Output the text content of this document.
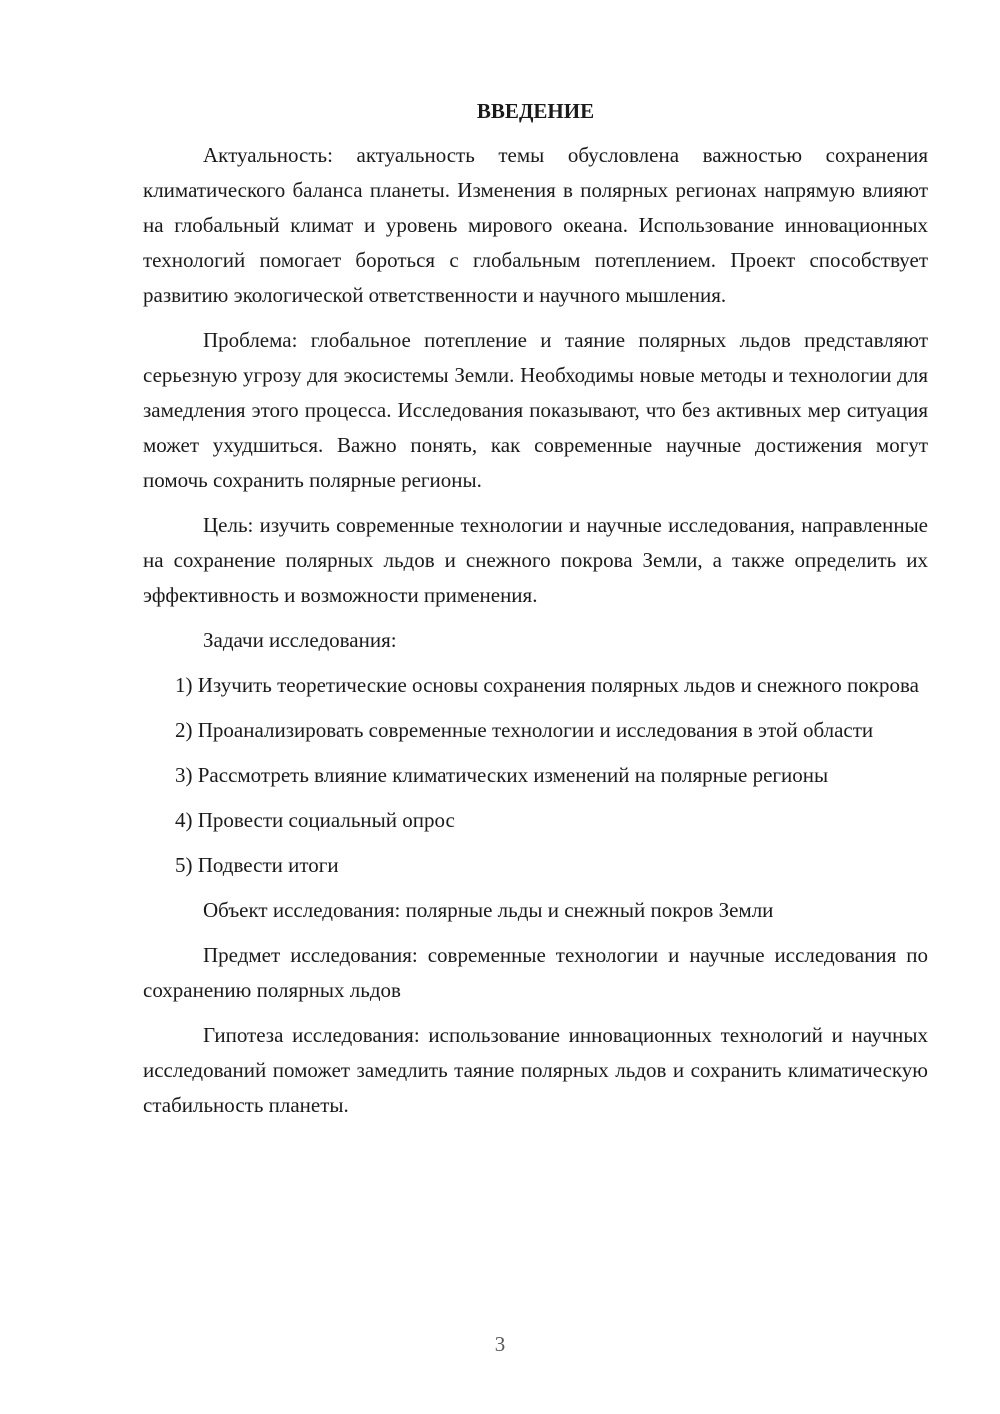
ВВЕДЕНИЕ

Актуальность: актуальность темы обусловлена важностью сохранения климатического баланса планеты. Изменения в полярных регионах напрямую влияют на глобальный климат и уровень мирового океана. Использование инновационных технологий помогает бороться с глобальным потеплением. Проект способствует развитию экологической ответственности и научного мышления.

Проблема: глобальное потепление и таяние полярных льдов представляют серьезную угрозу для экосистемы Земли. Необходимы новые методы и технологии для замедления этого процесса. Исследования показывают, что без активных мер ситуация может ухудшиться. Важно понять, как современные научные достижения могут помочь сохранить полярные регионы.

Цель: изучить современные технологии и научные исследования, направленные на сохранение полярных льдов и снежного покрова Земли, а также определить их эффективность и возможности применения.

Задачи исследования:

1) Изучить теоретические основы сохранения полярных льдов и снежного покрова

2) Проанализировать современные технологии и исследования в этой области

3) Рассмотреть влияние климатических изменений на полярные регионы

4) Провести социальный опрос

5) Подвести итоги

Объект исследования: полярные льды и снежный покров Земли

Предмет исследования: современные технологии и научные исследования по сохранению полярных льдов

Гипотеза исследования: использование инновационных технологий и научных исследований поможет замедлить таяние полярных льдов и сохранить климатическую стабильность планеты.

3
